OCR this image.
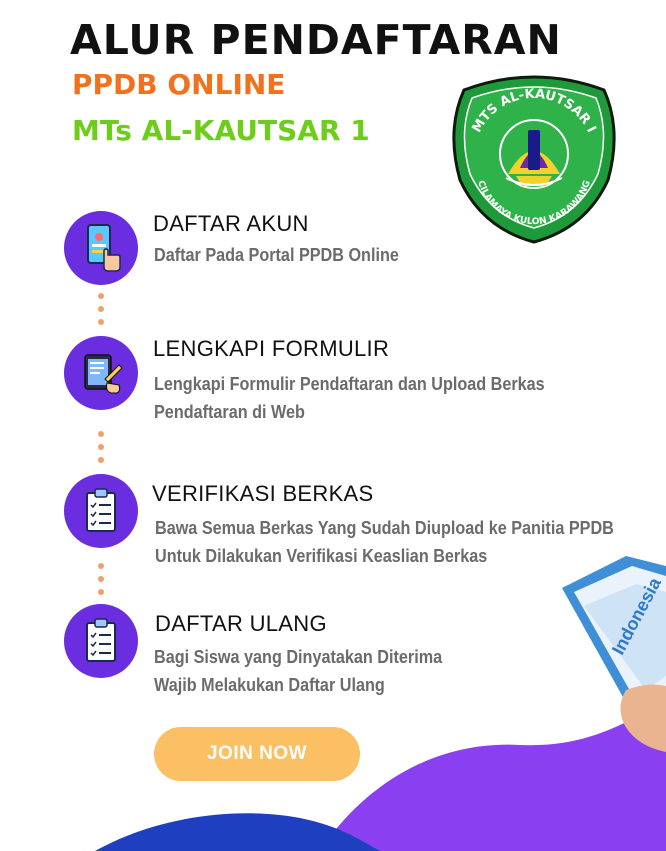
ALUR PENDAFTARAN
PPDB ONLINE
MTs AL-KAUTSAR 1	MTS AL-KAUTSAR I
CILAMAYA KULON KARAWANG
DAFTAR AKUN
Daftar Pada Portal PPDB Online
LENGKAPI FORMULIR
Lengkapi Formulir Pendaftaran dan Upload Berkas
Pendaftaran di Web
VERIFIKASI BERKAS
Bawa Semua Berkas Yang Sudah Diupload ke Panitia PPDB
Untuk Dilakukan Verifikasi Keaslian Berkas
DAFTAR ULANG
Bagi Siswa yang Dinyatakan Diterima
Wajib Melakukan Daftar Ulang
Indonesia
JOIN NOW
